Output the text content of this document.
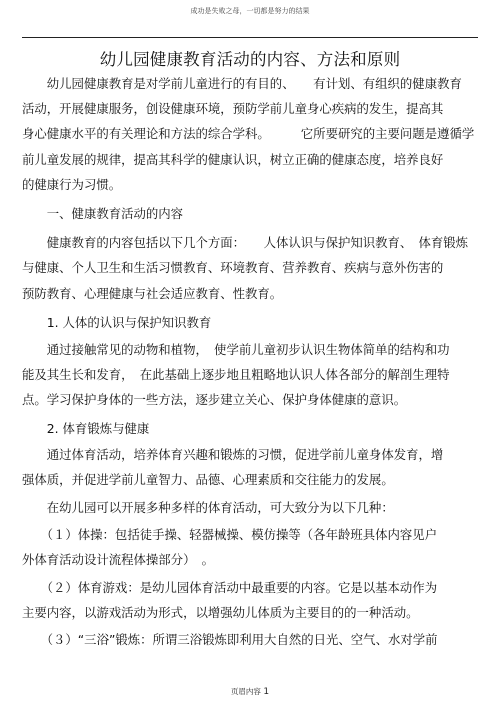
成功是失败之母，一切都是努力的结果
幼儿园健康教育活动的内容、方法和原则
　　幼儿园健康教育是对学前儿童进行的有目的、　　有计划、有组织的健康教育
活动，开展健康服务，创设健康环境，预防学前儿童身心疾病的发生，提高其
身心健康水平的有关理论和方法的综合学科。　　　它所要研究的主要问题是遵循学
前儿童发展的规律，提高其科学的健康认识，树立正确的健康态度，培养良好
的健康行为习惯。
　　一、健康教育活动的内容
　　健康教育的内容包括以下几个方面：　　人体认识与保护知识教育、　体育锻炼
与健康、个人卫生和生活习惯教育、环境教育、营养教育、疾病与意外伤害的
预防教育、心理健康与社会适应教育、性教育。
　　1. 人体的认识与保护知识教育
　　通过接触常见的动物和植物，　使学前儿童初步认识生物体简单的结构和功
能及其生长和发育，　在此基础上逐步地且粗略地认识人体各部分的解剖生理特
点。学习保护身体的一些方法，逐步建立关心、保护身体健康的意识。
　　2. 体育锻炼与健康
　　通过体育活动，培养体育兴趣和锻炼的习惯，促进学前儿童身体发育，增
强体质，并促进学前儿童智力、品德、心理素质和交往能力的发展。
　　在幼儿园可以开展多种多样的体育活动，可大致分为以下几种：
　　（１）体操：包括徒手操、轻器械操、模仿操等（各年龄班具体内容见户
外体育活动设计流程体操部分）　。
　　（２）体育游戏：是幼儿园体育活动中最重要的内容。它是以基本动作为
主要内容，以游戏活动为形式，以增强幼儿体质为主要目的的一种活动。
　　（３）“三浴”锻炼：所谓三浴锻炼即利用大自然的日光、空气、水对学前
页眉内容 1
